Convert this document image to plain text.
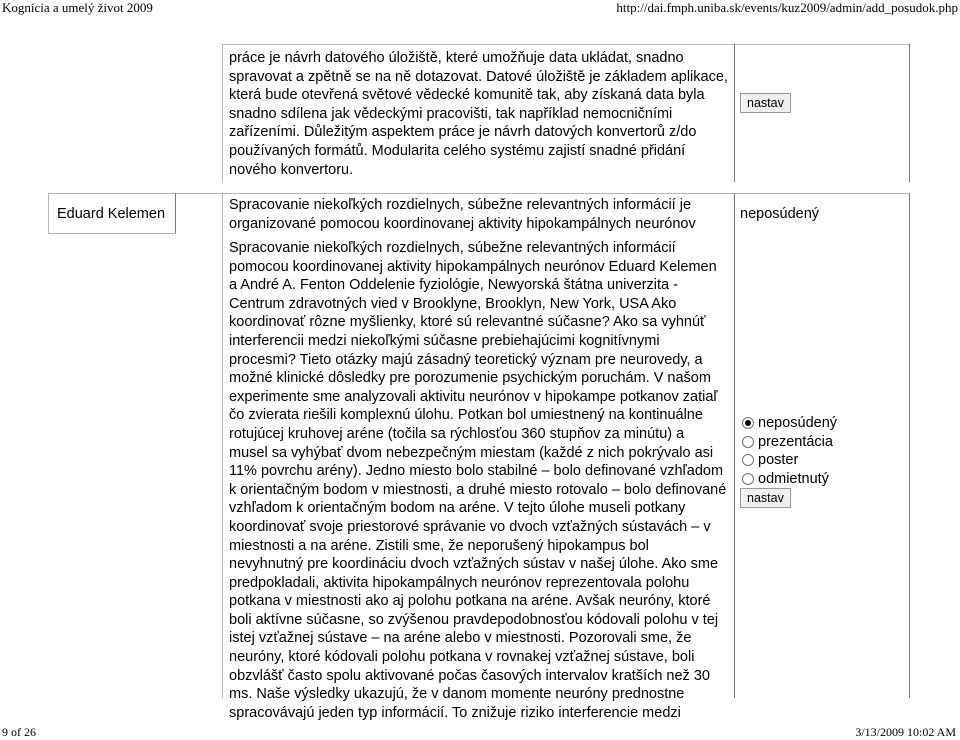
Kognícia a umelý život 2009	http://dai.fmph.uniba.sk/events/kuz2009/admin/add_posudok.php
práce je návrh datového úložiště, které umožňuje data ukládat, snadno
spravovat a zpětně se na ně dotazovat. Datové úložiště je základem aplikace,
která bude otevřená světové vědecké komunitě tak, aby získaná data byla
snadno sdílena jak vědeckými pracovišti, tak například nemocničními
zařízeními. Důležitým aspektem práce je návrh datových konvertorů z/do
používaných formátů. Modularita celého systému zajistí snadné přidání
nového konvertoru.
nastav
Eduard Kelemen
Spracovanie niekoľkých rozdielnych, súbežne relevantných informácií je
organizované pomocou koordinovanej aktivity hipokampálnych neurónov
neposúdený
Spracovanie niekoľkých rozdielnych, súbežne relevantných informácií
pomocou koordinovanej aktivity hipokampálnych neurónov Eduard Kelemen
a André A. Fenton Oddelenie fyziológie, Newyorská štátna univerzita -
Centrum zdravotných vied v Brooklyne, Brooklyn, New York, USA Ako
koordinovať rôzne myšlienky, ktoré sú relevantné súčasne? Ako sa vyhnúť
interferencii medzi niekoľkými súčasne prebiehajúcimi kognitívnymi
procesmi? Tieto otázky majú zásadný teoretický význam pre neurovedy, a
možné klinické dôsledky pre porozumenie psychickým poruchám. V našom
experimente sme analyzovali aktivitu neurónov v hipokampe potkanov zatiaľ
čo zvierata riešili komplexnú úlohu. Potkan bol umiestnený na kontinuálne
rotujúcej kruhovej aréne (točila sa rýchlosťou 360 stupňov za minútu) a
musel sa vyhýbať dvom nebezpečným miestam (každé z nich pokrývalo asi
11% povrchu arény). Jedno miesto bolo stabilné – bolo definované vzhľadom
k orientačným bodom v miestnosti, a druhé miesto rotovalo – bolo definované
vzhľadom k orientačným bodom na aréne. V tejto úlohe museli potkany
koordinovať svoje priestorové správanie vo dvoch vzťažných sústavách – v
miestnosti a na aréne. Zistili sme, že neporušený hipokampus bol
nevyhnutný pre koordináciu dvoch vzťažných sústav v našej úlohe. Ako sme
predpokladali, aktivita hipokampálnych neurónov reprezentovala polohu
potkana v miestnosti ako aj polohu potkana na aréne. Avšak neuróny, ktoré
boli aktívne súčasne, so zvýšenou pravdepodobnosťou kódovali polohu v tej
istej vzťažnej sústave – na aréne alebo v miestnosti. Pozorovali sme, že
neuróny, ktoré kódovali polohu potkana v rovnakej vzťažnej sústave, boli
obzvlášť často spolu aktivované počas časových intervalov kratších než 30
ms. Naše výsledky ukazujú, že v danom momente neuróny prednostne
spracovávajú jeden typ informácií. To znižuje riziko interferencie medzi
neposúdený
prezentácia
poster
odmietnutý
nastav
9 of 26	3/13/2009 10:02 AM
